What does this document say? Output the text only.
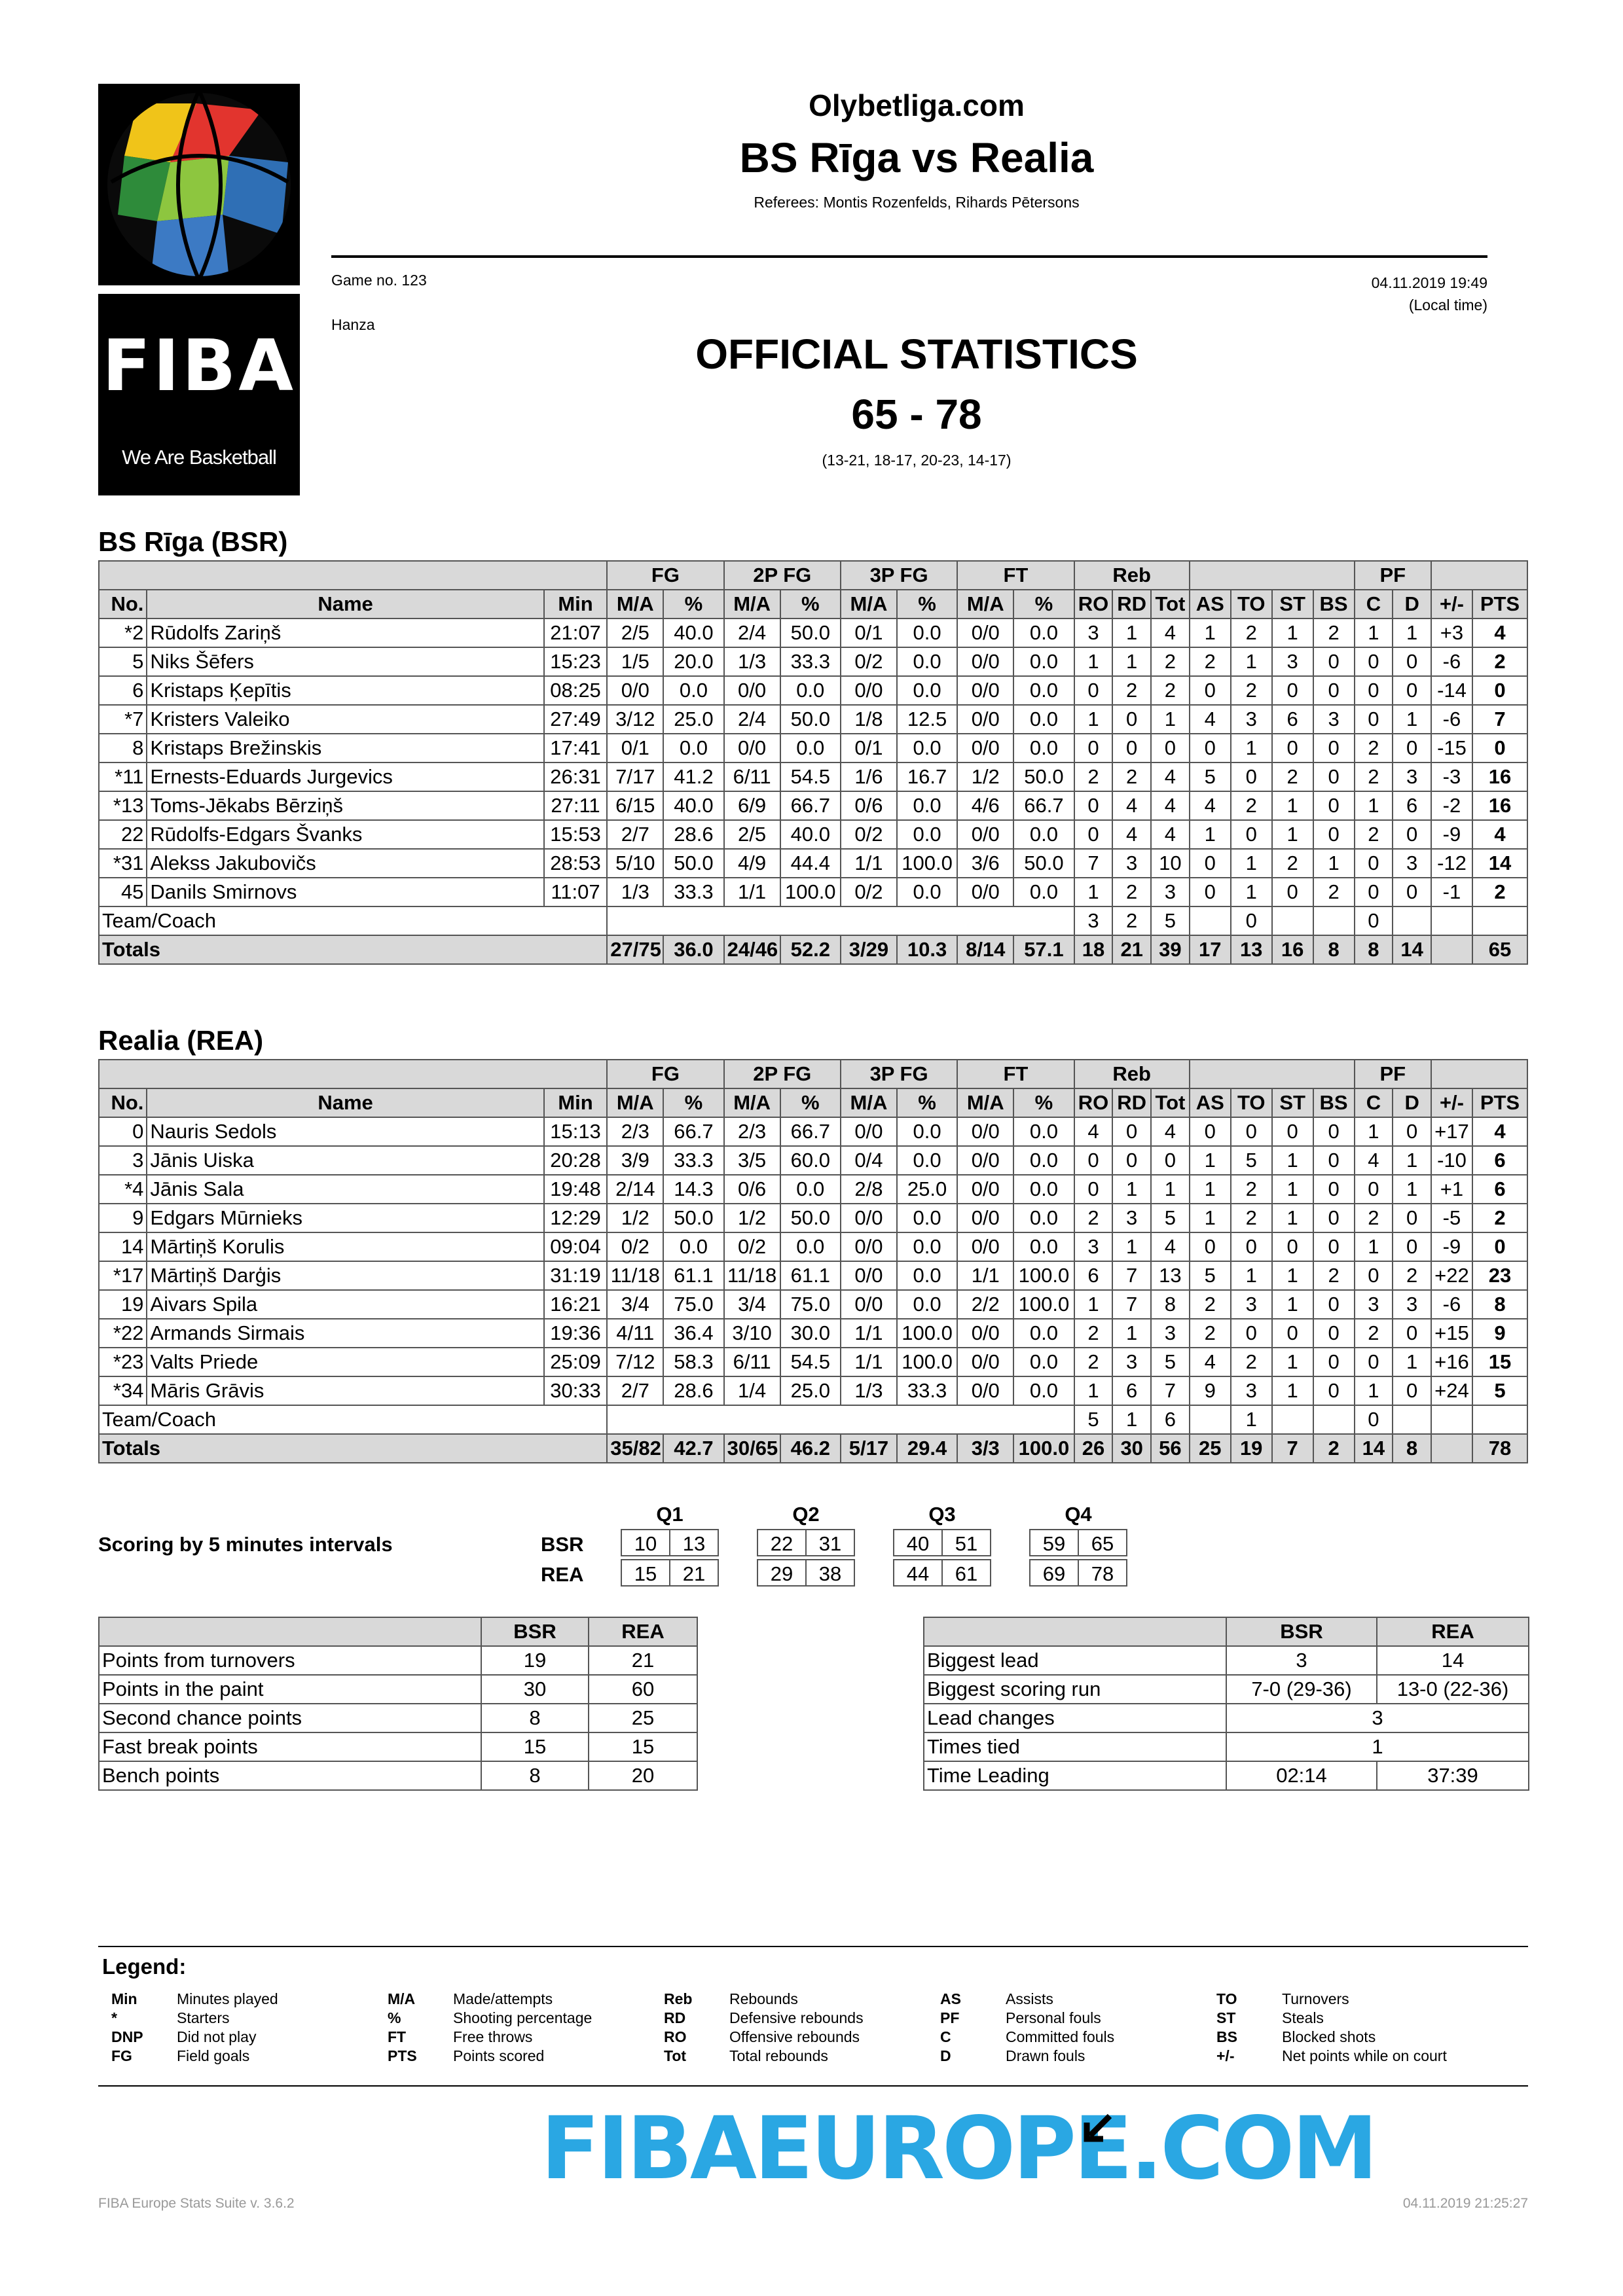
FIBA
We Are Basketball
Olybetliga.com
BS Rīga vs Realia
Referees: Montis Rozenfelds, Rihards Pētersons
Game no. 123
Hanza
04.11.2019 19:49
(Local time)
OFFICIAL STATISTICS
65 - 78
(13-21, 18-17, 20-23, 14-17)
BS Rīga (BSR)
			FG		2P FG		3P FG		FT		Reb							PF			
No.	Name	Min	M/A	%	M/A	%	M/A	%	M/A	%	RO	RD	Tot	AS	TO	ST	BS	C	D	+/-	PTS
*2	Rūdolfs Zariņš	21:07	2/5	40.0	2/4	50.0	0/1	0.0	0/0	0.0	3	1	4	1	2	1	2	1	1	+3	4
5	Niks Šēfers	15:23	1/5	20.0	1/3	33.3	0/2	0.0	0/0	0.0	1	1	2	2	1	3	0	0	0	-6	2
6	Kristaps Ķepītis	08:25	0/0	0.0	0/0	0.0	0/0	0.0	0/0	0.0	0	2	2	0	2	0	0	0	0	-14	0
*7	Kristers Valeiko	27:49	3/12	25.0	2/4	50.0	1/8	12.5	0/0	0.0	1	0	1	4	3	6	3	0	1	-6	7
8	Kristaps Brežinskis	17:41	0/1	0.0	0/0	0.0	0/1	0.0	0/0	0.0	0	0	0	0	1	0	0	2	0	-15	0
*11	Ernests-Eduards Jurgevics	26:31	7/17	41.2	6/11	54.5	1/6	16.7	1/2	50.0	2	2	4	5	0	2	0	2	3	-3	16
*13	Toms-Jēkabs Bērziņš	27:11	6/15	40.0	6/9	66.7	0/6	0.0	4/6	66.7	0	4	4	4	2	1	0	1	6	-2	16
22	Rūdolfs-Edgars Švanks	15:53	2/7	28.6	2/5	40.0	0/2	0.0	0/0	0.0	0	4	4	1	0	1	0	2	0	-9	4
*31	Alekss Jakubovičs	28:53	5/10	50.0	4/9	44.4	1/1	100.0	3/6	50.0	7	3	10	0	1	2	1	0	3	-12	14
45	Danils Smirnovs	11:07	1/3	33.3	1/1	100.0	0/2	0.0	0/0	0.0	1	2	3	0	1	0	2	0	0	-1	2
Team/Coach											3	2	5		0			0			
Totals			27/75	36.0	24/46	52.2	3/29	10.3	8/14	57.1	18	21	39	17	13	16	8	8	14		65
Realia (REA)
			FG		2P FG		3P FG		FT		Reb							PF			
No.	Name	Min	M/A	%	M/A	%	M/A	%	M/A	%	RO	RD	Tot	AS	TO	ST	BS	C	D	+/-	PTS
0	Nauris Sedols	15:13	2/3	66.7	2/3	66.7	0/0	0.0	0/0	0.0	4	0	4	0	0	0	0	1	0	+17	4
3	Jānis Uiska	20:28	3/9	33.3	3/5	60.0	0/4	0.0	0/0	0.0	0	0	0	1	5	1	0	4	1	-10	6
*4	Jānis Sala	19:48	2/14	14.3	0/6	0.0	2/8	25.0	0/0	0.0	0	1	1	1	2	1	0	0	1	+1	6
9	Edgars Mūrnieks	12:29	1/2	50.0	1/2	50.0	0/0	0.0	0/0	0.0	2	3	5	1	2	1	0	2	0	-5	2
14	Mārtiņš Korulis	09:04	0/2	0.0	0/2	0.0	0/0	0.0	0/0	0.0	3	1	4	0	0	0	0	1	0	-9	0
*17	Mārtiņš Darģis	31:19	11/18	61.1	11/18	61.1	0/0	0.0	1/1	100.0	6	7	13	5	1	1	2	0	2	+22	23
19	Aivars Spila	16:21	3/4	75.0	3/4	75.0	0/0	0.0	2/2	100.0	1	7	8	2	3	1	0	3	3	-6	8
*22	Armands Sirmais	19:36	4/11	36.4	3/10	30.0	1/1	100.0	0/0	0.0	2	1	3	2	0	0	0	2	0	+15	9
*23	Valts Priede	25:09	7/12	58.3	6/11	54.5	1/1	100.0	0/0	0.0	2	3	5	4	2	1	0	0	1	+16	15
*34	Māris Grāvis	30:33	2/7	28.6	1/4	25.0	1/3	33.3	0/0	0.0	1	6	7	9	3	1	0	1	0	+24	5
Team/Coach											5	1	6		1			0			
Totals			35/82	42.7	30/65	46.2	5/17	29.4	3/3	100.0	26	30	56	25	19	7	2	14	8		78
Scoring by 5 minutes intervals
Q1	Q2	Q3	Q4
BSR
REA
10	13	22	31	40	51	59	65
15	21	29	38	44	61	69	78
	BSR	REA
Points from turnovers	19	21
Points in the paint	30	60
Second chance points	8	25
Fast break points	15	15
Bench points	8	20
	BSR	REA
Biggest lead	3	14
Biggest scoring run	7-0 (29-36)	13-0 (22-36)
Lead changes	3	
Times tied	1	
Time Leading	02:14	37:39
Legend:
Min	Minutes played
*	Starters
DNP Did not play
FG	Field goals
M/A	Made/attempts
%	Shooting percentage
FT	Free throws
PTS Points scored
Reb Rebounds
RD	Defensive rebounds
RO	Offensive rebounds
Tot	Total rebounds
AS	Assists
PF	Personal fouls
C	Committed fouls
D	Drawn fouls
TO	Turnovers
ST	Steals
BS	Blocked shots
+/-	Net points while on court
FIBAEUROPE.COM
FIBA Europe Stats Suite v. 3.6.2	04.11.2019 21:25:27
